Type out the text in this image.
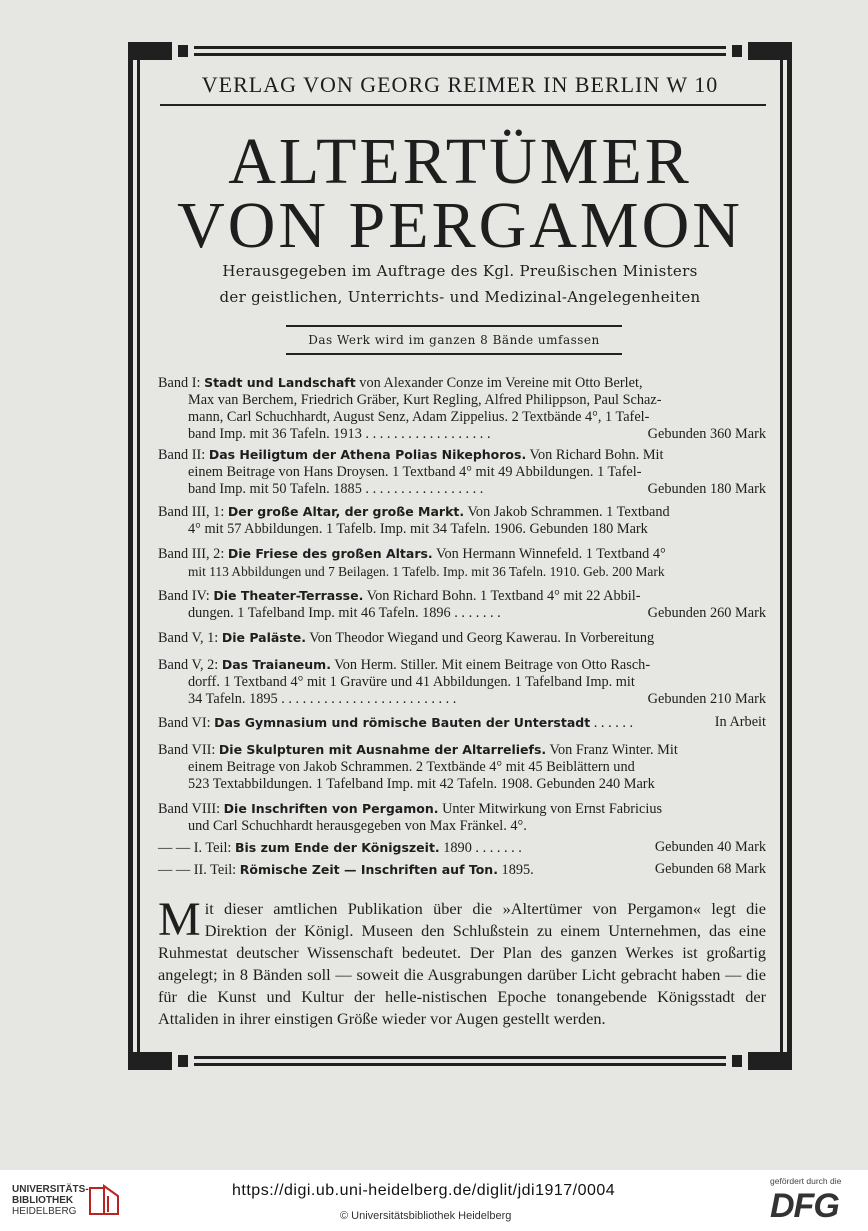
VERLAG VON GEORG REIMER IN BERLIN W 10
ALTERTÜMER
VON PERGAMON
Herausgegeben im Auftrage des Kgl. Preußischen Ministers
der geistlichen, Unterrichts- und Medizinal-Angelegenheiten
Das Werk wird im ganzen 8 Bände umfassen
Band I: Stadt und Landschaft von Alexander Conze im Vereine mit Otto Berlet,
Max van Berchem, Friedrich Gräber, Kurt Regling, Alfred Philippson, Paul Schaz-
mann, Carl Schuchhardt, August Senz, Adam Zippelius. 2 Textbände 4°, 1 Tafel-
band Imp. mit 36 Tafeln. 1913 . . . . . . . . . . . . . . . . . .	Gebunden 360 Mark
Band II: Das Heiligtum der Athena Polias Nikephoros. Von Richard Bohn. Mit
einem Beitrage von Hans Droysen. 1 Textband 4° mit 49 Abbildungen. 1 Tafel-
band Imp. mit 50 Tafeln. 1885 . . . . . . . . . . . . . . . . .	Gebunden 180 Mark
Band III, 1: Der große Altar, der große Markt. Von Jakob Schrammen. 1 Textband
4° mit 57 Abbildungen. 1 Tafelb. Imp. mit 34 Tafeln. 1906. Gebunden 180 Mark
Band III, 2: Die Friese des großen Altars. Von Hermann Winnefeld. 1 Textband 4°
mit 113 Abbildungen und 7 Beilagen. 1 Tafelb. Imp. mit 36 Tafeln. 1910. Geb. 200 Mark
Band IV: Die Theater-Terrasse. Von Richard Bohn. 1 Textband 4° mit 22 Abbil-
dungen. 1 Tafelband Imp. mit 46 Tafeln. 1896 . . . . . . .	Gebunden 260 Mark
Band V, 1: Die Paläste. Von Theodor Wiegand und Georg Kawerau. In Vorbereitung
Band V, 2: Das Traianeum. Von Herm. Stiller. Mit einem Beitrage von Otto Rasch-
dorff. 1 Textband 4° mit 1 Gravüre und 41 Abbildungen. 1 Tafelband Imp. mit
34 Tafeln. 1895 . . . . . . . . . . . . . . . . . . . . . . . . .	Gebunden 210 Mark
Band VI: Das Gymnasium und römische Bauten der Unterstadt . . . . . .	In Arbeit
Band VII: Die Skulpturen mit Ausnahme der Altarreliefs. Von Franz Winter. Mit
einem Beitrage von Jakob Schrammen. 2 Textbände 4° mit 45 Beiblättern und
523 Textabbildungen. 1 Tafelband Imp. mit 42 Tafeln. 1908. Gebunden 240 Mark
Band VIII: Die Inschriften von Pergamon. Unter Mitwirkung von Ernst Fabricius
und Carl Schuchhardt herausgegeben von Max Fränkel. 4°.
— — I. Teil: Bis zum Ende der Königszeit. 1890 . . . . . . .	Gebunden 40 Mark
— — II. Teil: Römische Zeit — Inschriften auf Ton. 1895.	Gebunden 68 Mark
Mit dieser amtlichen Publikation über die »Altertümer von Pergamon« legt die Direktion der Königl. Museen den Schlußstein zu einem Unternehmen, das eine Ruhmestat deutscher Wissenschaft bedeutet. Der Plan des ganzen Werkes ist großartig angelegt; in 8 Bänden soll — soweit die Ausgrabungen darüber Licht gebracht haben — die für die Kunst und Kultur der helle-nistischen Epoche tonangebende Königsstadt der Attaliden in ihrer einstigen Größe wieder vor Augen gestellt werden.
UNIVERSITÄTS-
BIBLIOTHEK
HEIDELBERG
https://digi.ub.uni-heidelberg.de/diglit/jdi1917/0004
© Universitätsbibliothek Heidelberg
gefördert durch die
DFG
